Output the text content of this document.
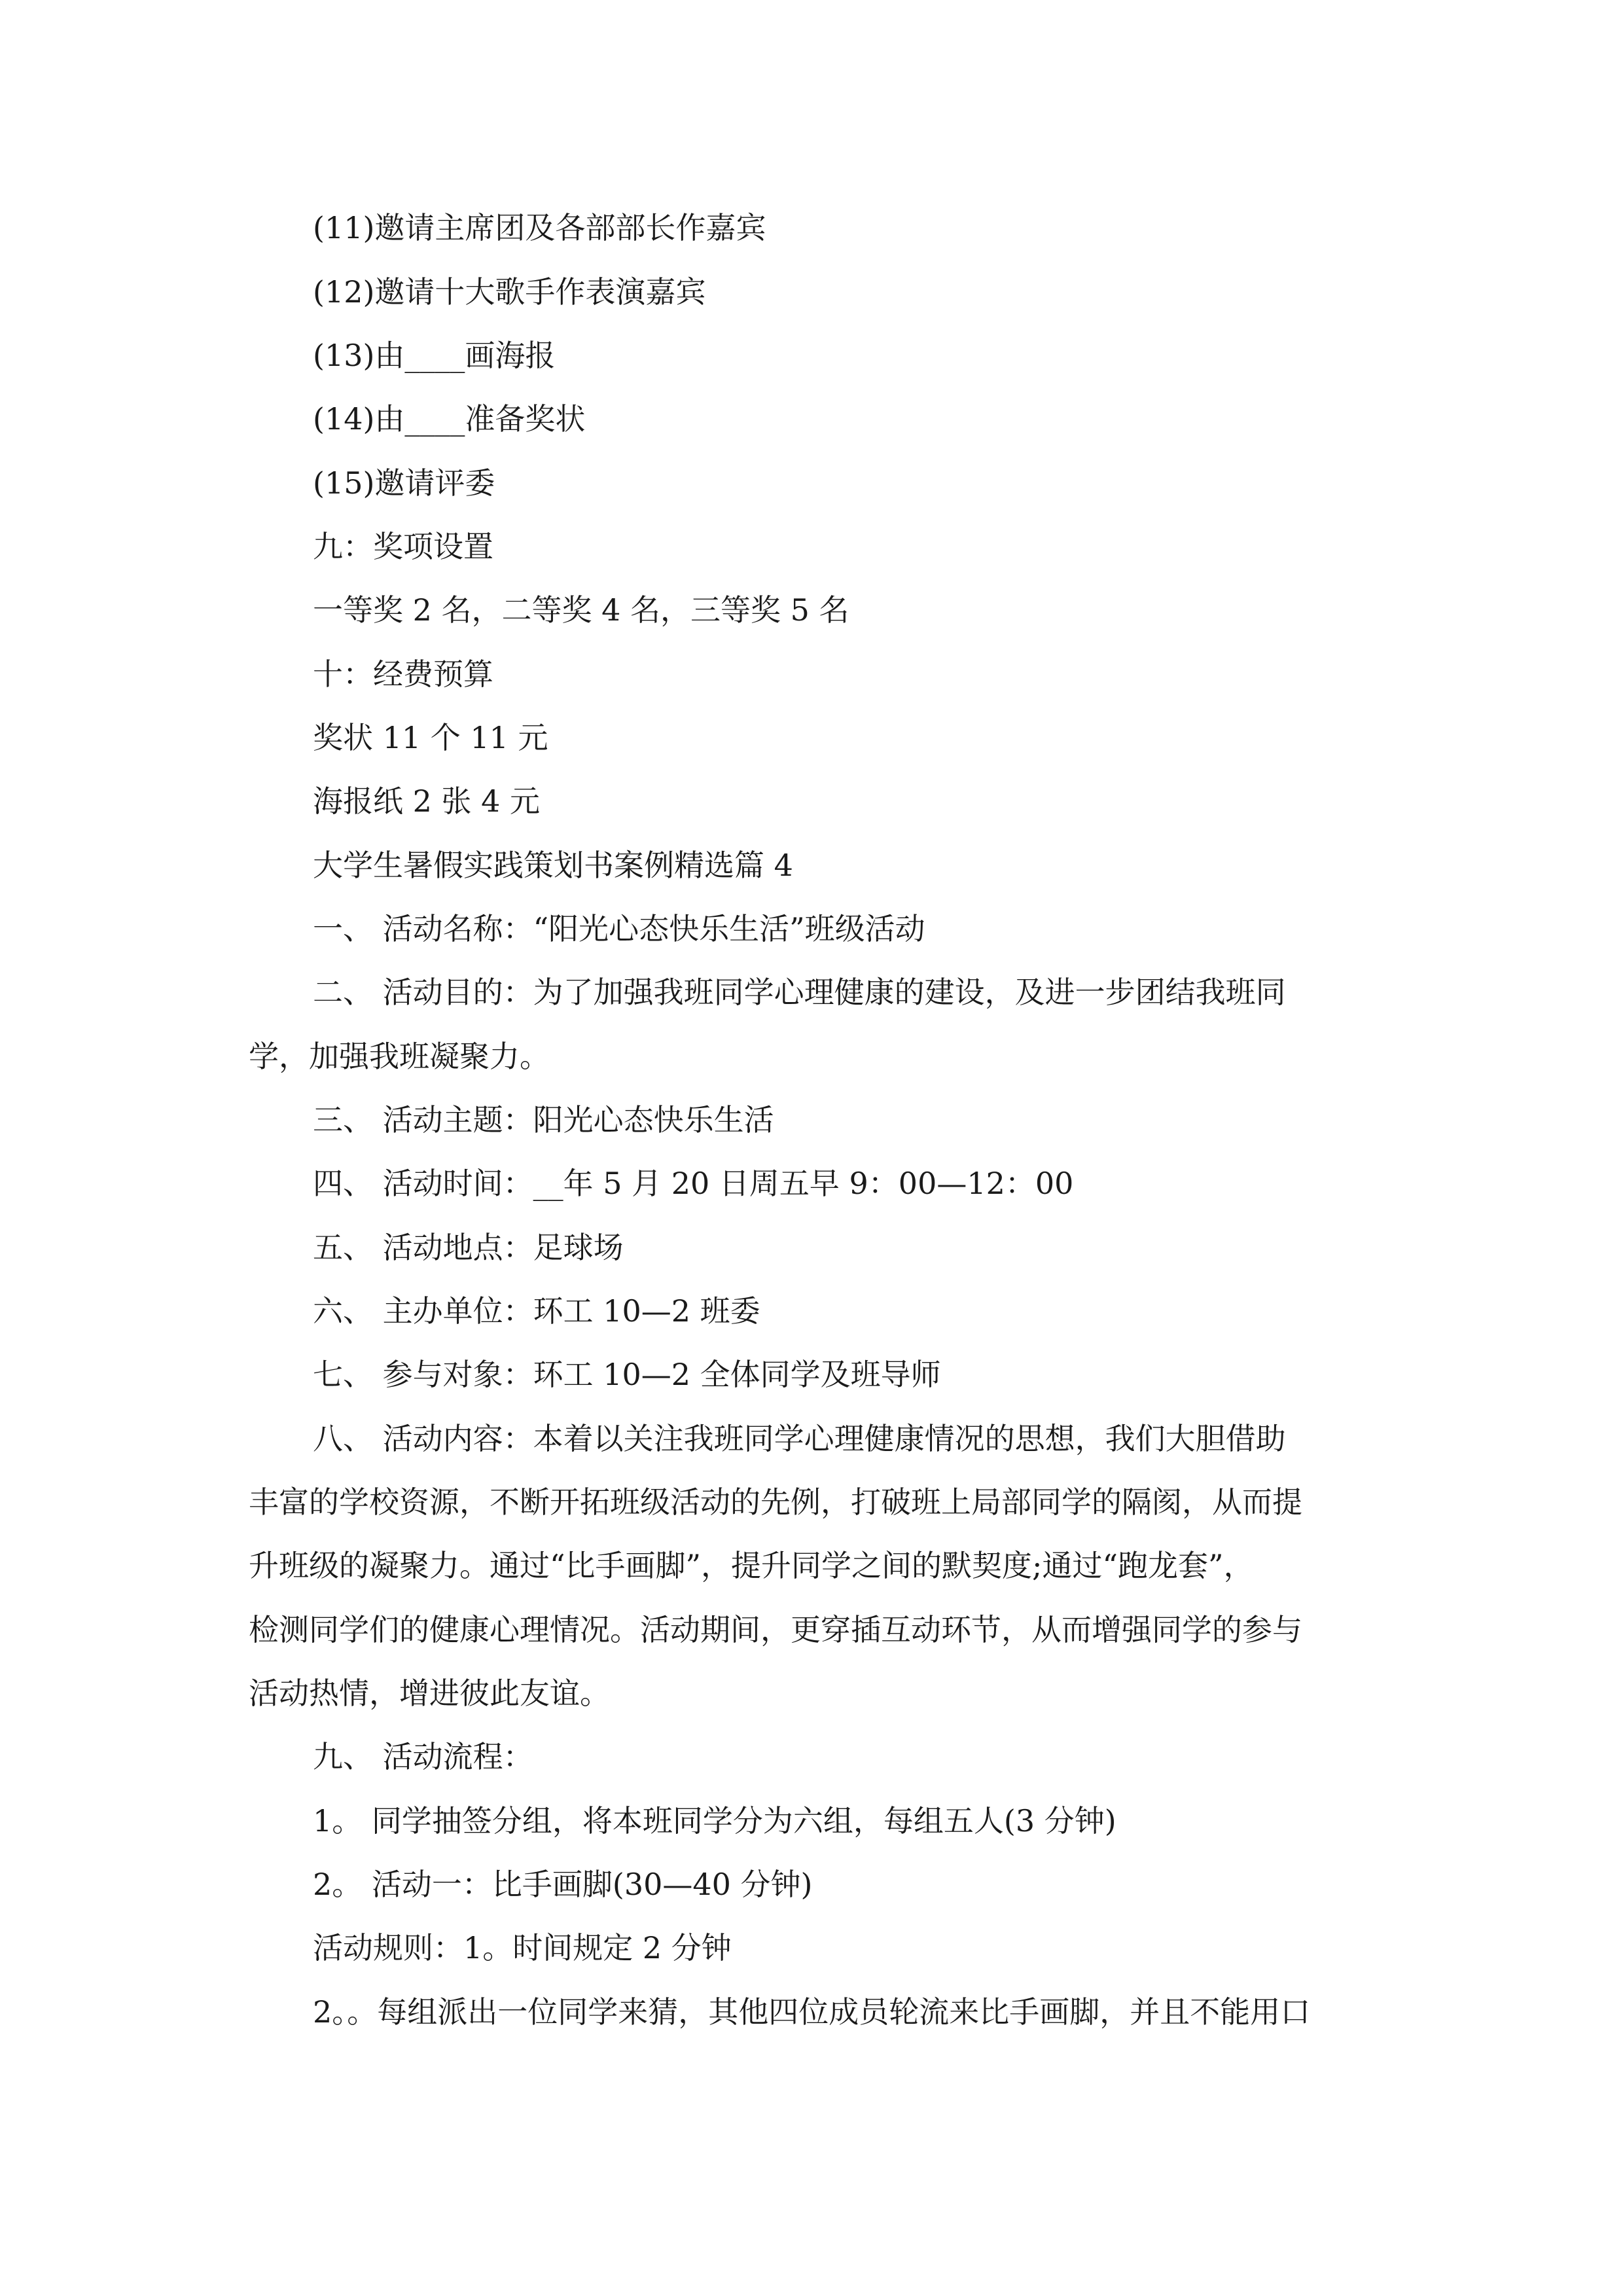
(11)邀请主席团及各部部长作嘉宾
(12)邀请十大歌手作表演嘉宾
(13)由____画海报
(14)由____准备奖状
(15)邀请评委
九：奖项设置
一等奖 2 名，二等奖 4 名，三等奖 5 名
十：经费预算
奖状 11 个 11 元
海报纸 2 张 4 元
大学生暑假实践策划书案例精选篇 4
一、 活动名称：“阳光心态快乐生活”班级活动
二、 活动目的：为了加强我班同学心理健康的建设，及进一步团结我班同
学，加强我班凝聚力。
三、 活动主题：阳光心态快乐生活
四、 活动时间：__年 5 月 20 日周五早 9：00—12：00
五、 活动地点：足球场
六、 主办单位：环工 10—2 班委
七、 参与对象：环工 10—2 全体同学及班导师
八、 活动内容：本着以关注我班同学心理健康情况的思想，我们大胆借助
丰富的学校资源，不断开拓班级活动的先例，打破班上局部同学的隔阂，从而提
升班级的凝聚力。通过“比手画脚”，提升同学之间的默契度;通过“跑龙套”，
检测同学们的健康心理情况。活动期间，更穿插互动环节，从而增强同学的参与
活动热情，增进彼此友谊。
九、 活动流程：
1。 同学抽签分组，将本班同学分为六组，每组五人(3 分钟)
2。 活动一：比手画脚(30—40 分钟)
活动规则：1。时间规定 2 分钟
2。。每组派出一位同学来猜，其他四位成员轮流来比手画脚，并且不能用口
